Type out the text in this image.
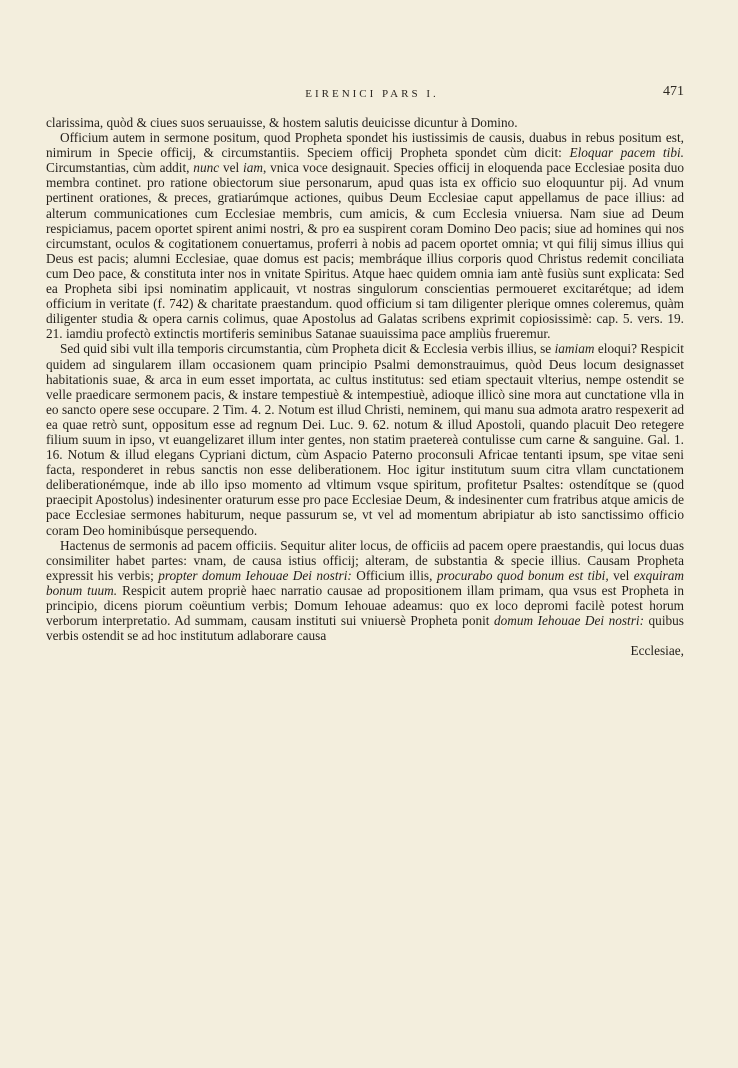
EIRENICI PARS I.	471

clarissima, quòd & ciues suos seruauisse, & hostem salutis deuicisse dicuntur à Domino.

Officium autem in sermone positum, quod Propheta spondet his iustissimis de causis, duabus in rebus positum est, nimirum in Specie officij, & circumstantiis. Speciem officij Propheta spondet cùm dicit: Eloquar pacem tibi. Circumstantias, cùm addit, nunc vel iam, vnica voce designauit. Species officij in eloquenda pace Ecclesiae posita duo membra continet. pro ratione obiectorum siue personarum, apud quas ista ex officio suo eloquuntur pij. Ad vnum pertinent orationes, & preces, gratiarúmque actiones, quibus Deum Ecclesiae caput appellamus de pace illius: ad alterum communicationes cum Ecclesiae membris, cum amicis, & cum Ecclesia vniuersa. Nam siue ad Deum respiciamus, pacem oportet spirent animi nostri, & pro ea suspirent coram Domino Deo pacis; siue ad homines qui nos circumstant, oculos & cogitationem conuertamus, proferri à nobis ad pacem oportet omnia; vt qui filij simus illius qui Deus est pacis; alumni Ecclesiae, quae domus est pacis; membráque illius corporis quod Christus redemit conciliata cum Deo pace, & constituta inter nos in vnitate Spiritus. Atque haec quidem omnia iam antè fusiùs sunt explicata: Sed ea Propheta sibi ipsi nominatim applicauit, vt nostras singulorum conscientias permoueret excitarétque; ad idem officium in veritate (f. 742) & charitate praestandum. quod officium si tam diligenter plerique omnes coleremus, quàm diligenter studia & opera carnis colimus, quae Apostolus ad Galatas scribens exprimit copiosissimè: cap. 5. vers. 19. 21. iamdiu profectò extinctis mortiferis seminibus Satanae suauissima pace ampliùs frueremur.

Sed quid sibi vult illa temporis circumstantia, cùm Propheta dicit & Ecclesia verbis illius, se iamiam eloqui? Respicit quidem ad singularem illam occasionem quam principio Psalmi demonstrauimus, quòd Deus locum designasset habitationis suae, & arca in eum esset importata, ac cultus institutus: sed etiam spectauit vlterius, nempe ostendit se velle praedicare sermonem pacis, & instare tempestiuè & intempestiuè, adioque illicò sine mora aut cunctatione vlla in eo sancto opere sese occupare. 2 Tim. 4. 2. Notum est illud Christi, neminem, qui manu sua admota aratro respexerit ad ea quae retrò sunt, oppositum esse ad regnum Dei. Luc. 9. 62. notum & illud Apostoli, quando placuit Deo retegere filium suum in ipso, vt euangelizaret illum inter gentes, non statim praetereà contulisse cum carne & sanguine. Gal. 1. 16. Notum & illud elegans Cypriani dictum, cùm Aspacio Paterno proconsuli Africae tentanti ipsum, spe vitae seni facta, responderet in rebus sanctis non esse deliberationem. Hoc igitur institutum suum citra vllam cunctationem deliberationémque, inde ab illo ipso momento ad vltimum vsque spiritum, profitetur Psaltes: ostendítque se (quod praecipit Apostolus) indesinenter oraturum esse pro pace Ecclesiae Deum, & indesinenter cum fratribus atque amicis de pace Ecclesiae sermones habiturum, neque passurum se, vt vel ad momentum abripiatur ab isto sanctissimo officio coram Deo hominibúsque persequendo.

Hactenus de sermonis ad pacem officiis. Sequitur aliter locus, de officiis ad pacem opere praestandis, qui locus duas consimiliter habet partes: vnam, de causa istius officij; alteram, de substantia & specie illius. Causam Propheta expressit his verbis; propter domum Iehouae Dei nostri: Officium illis, procurabo quod bonum est tibi, vel exquiram bonum tuum. Respicit autem propriè haec narratio causae ad propositionem illam primam, qua vsus est Propheta in principio, dicens piorum coëuntium verbis; Domum Iehouae adeamus: quo ex loco depromi facilè potest horum verborum interpretatio. Ad summam, causam instituti sui vniuersè Propheta ponit domum Iehouae Dei nostri: quibus verbis ostendit se ad hoc institutum adlaborare causa

Ecclesiae,
